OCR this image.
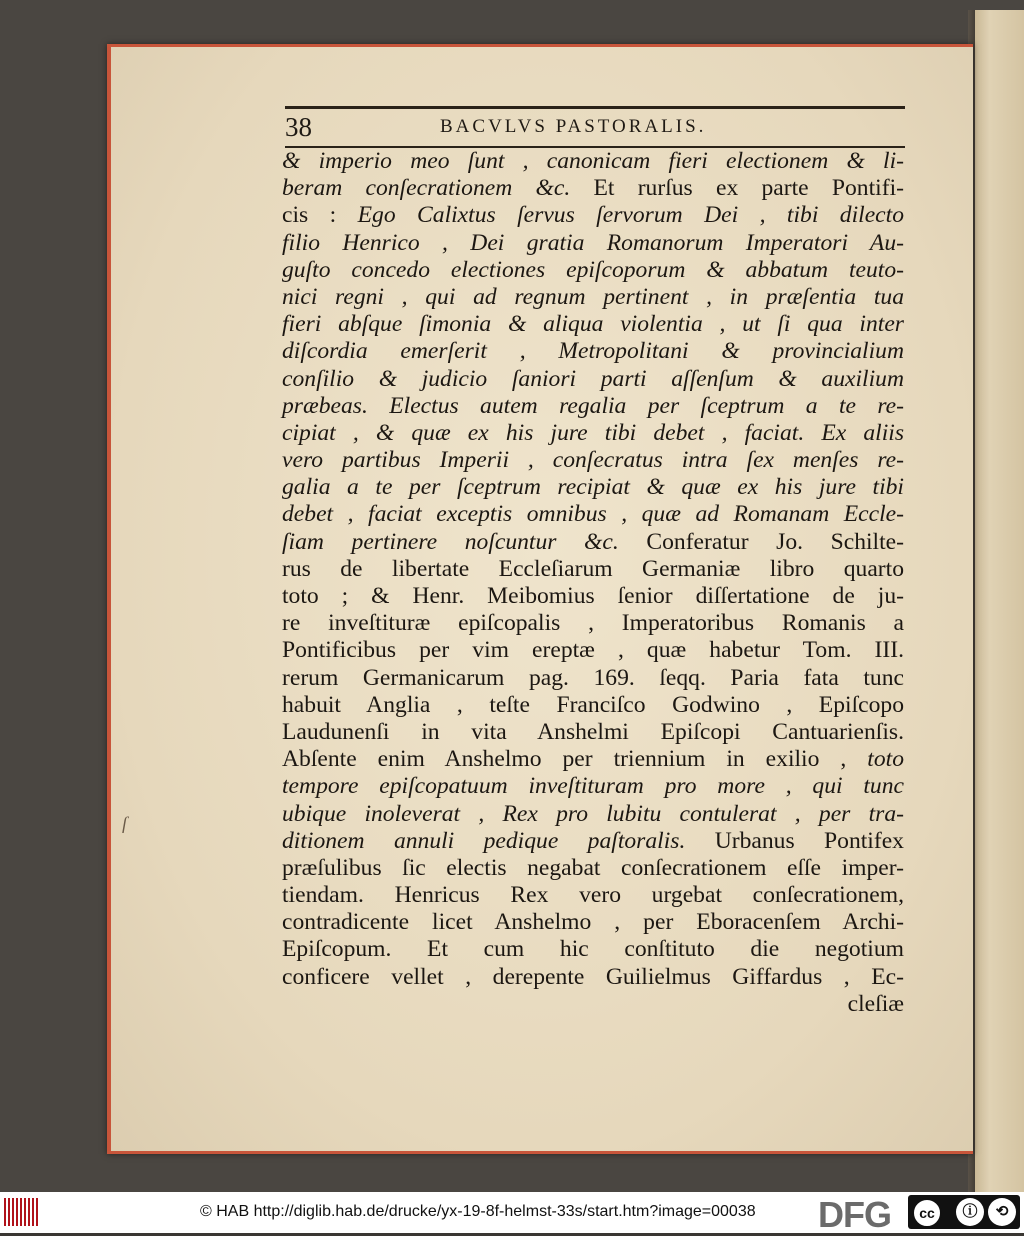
ſ
38	BACVLVS PASTORALIS.
& imperio meo ſunt , canonicam fieri electionem & li-
beram conſecrationem &c. Et rurſus ex parte Pontifi-
cis : Ego Calixtus ſervus ſervorum Dei , tibi dilecto
filio Henrico , Dei gratia Romanorum Imperatori Au-
guſto concedo electiones epiſcoporum & abbatum teuto-
nici regni , qui ad regnum pertinent , in præſentia tua
fieri abſque ſimonia & aliqua violentia , ut ſi qua inter
diſcordia emerſerit , Metropolitani & provincialium
conſilio & judicio ſaniori parti aſſenſum & auxilium
præbeas. Electus autem regalia per ſceptrum a te re-
cipiat , & quæ ex his jure tibi debet , faciat. Ex aliis
vero partibus Imperii , conſecratus intra ſex menſes re-
galia a te per ſceptrum recipiat & quæ ex his jure tibi
debet , faciat exceptis omnibus , quæ ad Romanam Eccle-
ſiam pertinere noſcuntur &c. Conferatur Jo. Schilte-
rus de libertate Eccleſiarum Germaniæ libro quarto
toto ; & Henr. Meibomius ſenior diſſertatione de ju-
re inveſtituræ epiſcopalis , Imperatoribus Romanis a
Pontificibus per vim ereptæ , quæ habetur Tom. III.
rerum Germanicarum pag. 169. ſeqq. Paria fata tunc
habuit Anglia , teſte Franciſco Godwino , Epiſcopo
Laudunenſi in vita Anshelmi Epiſcopi Cantuarienſis.
Abſente enim Anshelmo per triennium in exilio , toto
tempore epiſcopatuum inveſtituram pro more , qui tunc
ubique inoleverat , Rex pro lubitu contulerat , per tra-
ditionem annuli pedique paſtoralis. Urbanus Pontifex
præſulibus ſic electis negabat conſecrationem eſſe imper-
tiendam. Henricus Rex vero urgebat conſecrationem,
contradicente licet Anshelmo , per Eboracenſem Archi-
Epiſcopum. Et cum hic conſtituto die negotium
conficere vellet , derepente Guilielmus Giffardus , Ec-
cleſiæ
© HAB http://diglib.hab.de/drucke/yx-19-8f-helmst-33s/start.htm?image=00038 DFG	cc	ⓘ	⟲
BY	SA
